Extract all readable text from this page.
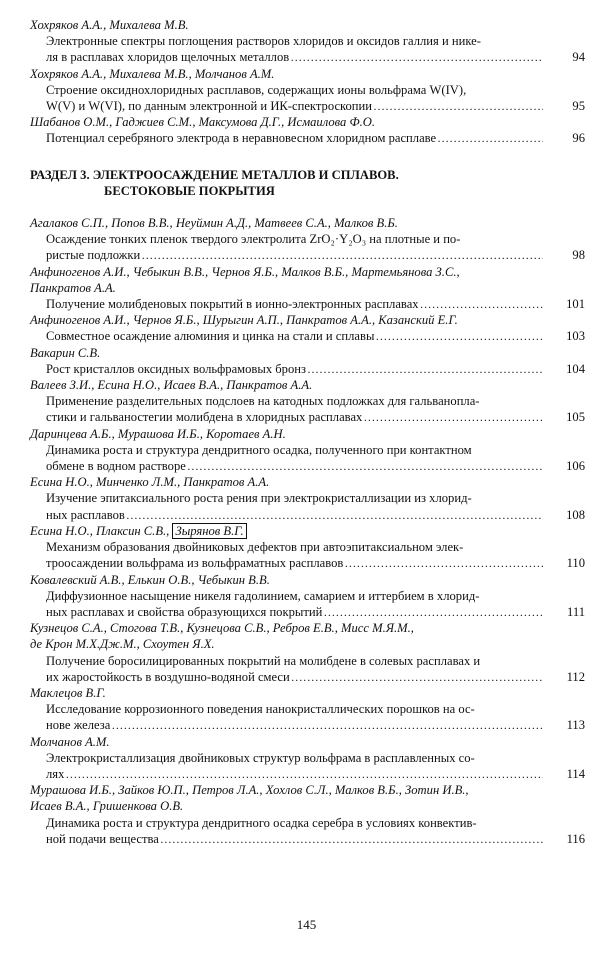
Хохряков А.А., Михалева М.В.
Электронные спектры поглощения растворов хлоридов и оксидов галлия и нике-
ля в расплавах хлоридов щелочных металлов ………………………………………………………………………………………………………………………………………………………………………………………………………………………………………	94
Хохряков А.А., Михалева М.В., Молчанов А.М.
Строение оксиднохлоридных расплавов, содержащих ионы вольфрама W(IV),
W(V) и W(VI), по данным электронной и ИК-спектроскопии ………………………………………………………………………………………………………………………………………………………………………………………………………………………………………	95
Шабанов О.М., Гаджиев С.М., Максумова Д.Г., Исмаилова Ф.О.
Потенциал серебряного электрода в неравновесном хлоридном расплаве ………………………………………………………………………………………………………………………………………………………………………………………………………………………………………	96
РАЗДЕЛ 3. ЭЛЕКТРООСАЖДЕНИЕ МЕТАЛЛОВ И СПЛАВОВ.
БЕСТОКОВЫЕ ПОКРЫТИЯ
Агалаков С.П., Попов В.В., Неуймин А.Д., Матвеев С.А., Малков В.Б.
Осаждение тонких пленок твердого электролита ZrO₂·Y₂O₃ на плотные и по-
ристые подложки ………………………………………………………………………………………………………………………………………………………………………………………………………………………………………	98
Анфиногенов А.И., Чебыкин В.В., Чернов Я.Б., Малков В.Б., Мартемьянова З.С.,
Панкратов А.А.
Получение молибденовых покрытий в ионно-электронных расплавах ………………………………………………………………………………………………………………………………………………………………………………………………………………………………………	101
Анфиногенов А.И., Чернов Я.Б., Шурыгин А.П., Панкратов А.А., Казанский Е.Г.
Совместное осаждение алюминия и цинка на стали и сплавы ………………………………………………………………………………………………………………………………………………………………………………………………………………………………………	103
Вакарин С.В.
Рост кристаллов оксидных вольфрамовых бронз ………………………………………………………………………………………………………………………………………………………………………………………………………………………………………	104
Валеев З.И., Есина Н.О., Исаев В.А., Панкратов А.А.
Применение разделительных подслоев на катодных подложках для гальванопла-
стики и гальваностегии молибдена в хлоридных расплавах ………………………………………………………………………………………………………………………………………………………………………………………………………………………………………	105
Даринцева А.Б., Мурашова И.Б., Коротаев А.Н.
Динамика роста и структура дендритного осадка, полученного при контактном
обмене в водном растворе ………………………………………………………………………………………………………………………………………………………………………………………………………………………………………	106
Есина Н.О., Минченко Л.М., Панкратов А.А.
Изучение эпитаксиального роста рения при электрокристаллизации из хлорид-
ных расплавов ………………………………………………………………………………………………………………………………………………………………………………………………………………………………………	108
Есина Н.О., Плаксин С.В., Зырянов В.Г.
Механизм образования двойниковых дефектов при автоэпитаксиальном элек-
троосаждении вольфрама из вольфраматных расплавов ………………………………………………………………………………………………………………………………………………………………………………………………………………………………………	110
Ковалевский А.В., Елькин О.В., Чебыкин В.В.
Диффузионное насыщение никеля гадолинием, самарием и иттербием в хлорид-
ных расплавах и свойства образующихся покрытий ………………………………………………………………………………………………………………………………………………………………………………………………………………………………………	111
Кузнецов С.А., Стогова Т.В., Кузнецова С.В., Ребров Е.В., Мисс М.Я.М.,
де Крон М.Х.Дж.М., Схоутен Я.Х.
Получение боросилицированных покрытий на молибдене в солевых расплавах и
их жаростойкость в воздушно-водяной смеси ………………………………………………………………………………………………………………………………………………………………………………………………………………………………………	112
Маклецов В.Г.
Исследование коррозионного поведения нанокристаллических порошков на ос-
нове железа ………………………………………………………………………………………………………………………………………………………………………………………………………………………………………	113
Молчанов А.М.
Электрокристаллизация двойниковых структур вольфрама в расплавленных со-
лях ………………………………………………………………………………………………………………………………………………………………………………………………………………………………………	114
Мурашова И.Б., Зайков Ю.П., Петров Л.А., Хохлов С.Л., Малков В.Б., Зотин И.В.,
Исаев В.А., Гришенкова О.В.
Динамика роста и структура дендритного осадка серебра в условиях конвектив-
ной подачи вещества ………………………………………………………………………………………………………………………………………………………………………………………………………………………………………	116
145
